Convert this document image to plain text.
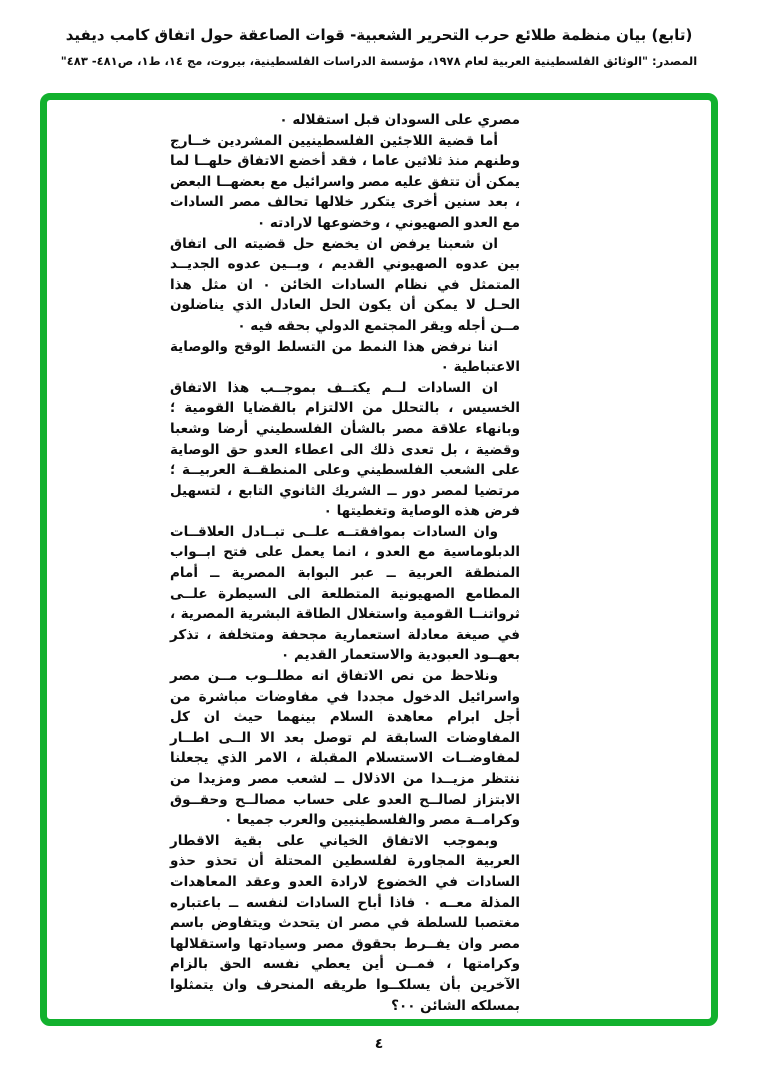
(تابع) بيان منظمة طلائع حرب التحرير الشعبية- قوات الصاعقة حول اتفاق كامب ديفيد
المصدر: "الوثائق الفلسطينية العربية لعام ١٩٧٨، مؤسسة الدراسات الفلسطينية، بيروت، مج ١٤، ط١، ص٤٨١- ٤٨٣"

مصري على السودان قبل استقلاله ٠

أما قضية اللاجئين الفلسطينيين المشردين خــارج وطنهم منذ ثلاثين عاما ، فقد أخضع الاتفاق حلهــا لما يمكن أن تتفق عليه مصر واسرائيل مع بعضهــا البعض ، بعد سنين أخرى يتكرر خلالها تحالف مصر السادات مع العدو الصهيوني ، وخضوعها لارادته ٠

ان شعبنا يرفض ان يخضع حل قضيته الى اتفاق بين عدوه الصهيوني القديم ، وبــين عدوه الجديــد المتمثل في نظام السادات الخائن ٠ ان مثل هذا الحـل لا يمكن أن يكون الحل العادل الذي يناضلون مــن أجله ويقر المجتمع الدولي بحقه فيه ٠

اننا نرفض هذا النمط من التسلط الوقح والوصاية الاعتباطية ٠

ان السادات لــم يكتــف بموجــب هذا الاتفاق الخسيس ، بالتحلل من الالتزام بالقضايا القومية ؛ وبانهاء علاقة مصر بالشأن الفلسطيني أرضا وشعبا وقضية ، بل تعدى ذلك الى اعطاء العدو حق الوصاية على الشعب الفلسطيني وعلى المنطقــة العربيــة ؛ مرتضيا لمصر دور ــ الشريك الثانوي التابع ، لتسهيل فرض هذه الوصاية وتغطيتها ٠

وان السادات بموافقتــه علــى تبــادل العلاقــات الدبلوماسية مع العدو ، انما يعمل على فتح ابــواب المنطقة العربية ــ عبر البوابة المصرية ــ أمام المطامع الصهيونية المتطلعة الى السيطرة علــى ثرواتنــا القومية واستغلال الطاقة البشرية المصرية ، في صيغة معادلة استعمارية مجحفة ومتخلفة ، تذكر بعهــود العبودية والاستعمار القديم ٠

ونلاحظ من نص الاتفاق انه مطلــوب مــن مصر واسرائيل الدخول مجددا في مفاوضات مباشرة من أجل ابرام معاهدة السلام بينهما حيث ان كل المفاوضات السابقة لم توصل بعد الا الــى اطــار لمفاوضــات الاستسلام المقبلة ، الامر الذي يجعلنا ننتظر مزيــدا من الاذلال ــ لشعب مصر ومزيدا من الابتزاز لصالــح العدو على حساب مصالــح وحقــوق وكرامــة مصر والفلسطينيين والعرب جميعا ٠

وبموجب الاتفاق الخياني على بقية الاقطار العربية المجاورة لفلسطين المحتلة أن تحذو حذو السادات في الخضوع لارادة العدو وعقد المعاهدات المذلة معــه ٠ فاذا أباح السادات لنفسه ــ باعتباره مغتصبا للسلطة في مصر ان يتحدث ويتفاوض باسم مصر وان يفــرط بحقوق مصر وسيادتها واستقلالها وكرامتها ، فمــن أين يعطي نفسه الحق بالزام الآخرين بأن يسلكــوا طريقه المنحرف وان يتمثلوا بمسلكه الشائن ٠٠؟

٤
